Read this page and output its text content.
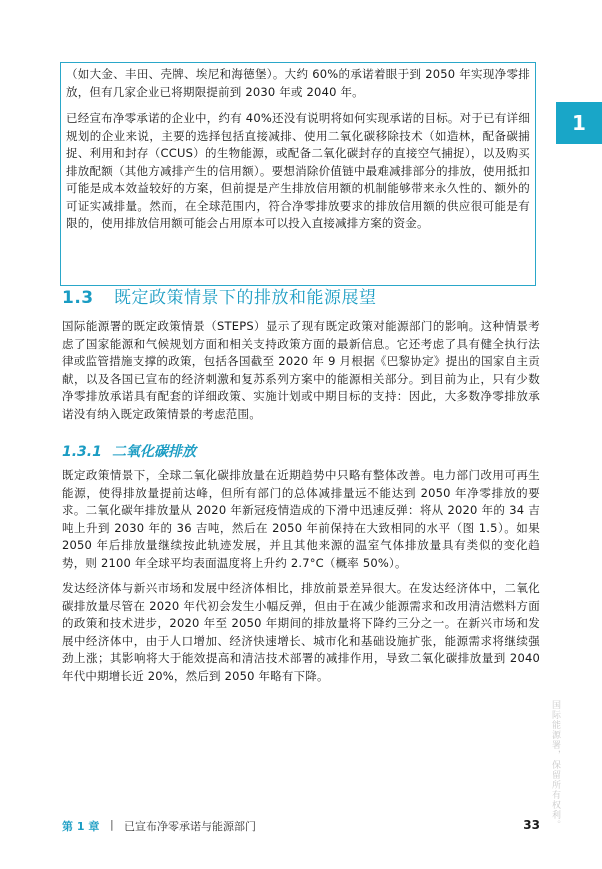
（如大金、丰田、壳牌、埃尼和海德堡）。大约 60%的承诺着眼于到 2050 年实现净零排放，但有几家企业已将期限提前到 2030 年或 2040 年。

已经宣布净零承诺的企业中，约有 40%还没有说明将如何实现承诺的目标。对于已有详细规划的企业来说，主要的选择包括直接减排、使用二氧化碳移除技术（如造林，配备碳捕捉、利用和封存（CCUS）的生物能源，或配备二氧化碳封存的直接空气捕捉），以及购买排放配额（其他方减排产生的信用额）。要想消除价值链中最难减排部分的排放，使用抵扣可能是成本效益较好的方案，但前提是产生排放信用额的机制能够带来永久性的、额外的可证实减排量。然而，在全球范围内，符合净零排放要求的排放信用额的供应很可能是有限的，使用排放信用额可能会占用原本可以投入直接减排方案的资金。

1
1.3 既定政策情景下的排放和能源展望

国际能源署的既定政策情景（STEPS）显示了现有既定政策对能源部门的影响。这种情景考虑了国家能源和气候规划方面和相关支持政策方面的最新信息。它还考虑了具有健全执行法律或监管措施支撑的政策，包括各国截至 2020 年 9 月根据《巴黎协定》提出的国家自主贡献，以及各国已宣布的经济刺激和复苏系列方案中的能源相关部分。到目前为止，只有少数净零排放承诺具有配套的详细政策、实施计划或中期目标的支持：因此，大多数净零排放承诺没有纳入既定政策情景的考虑范围。

1.3.1 二氧化碳排放

既定政策情景下，全球二氧化碳排放量在近期趋势中只略有整体改善。电力部门改用可再生能源，使得排放量提前达峰，但所有部门的总体减排量远不能达到 2050 年净零排放的要求。二氧化碳年排放量从 2020 年新冠疫情造成的下滑中迅速反弹：将从 2020 年的 34 吉吨上升到 2030 年的 36 吉吨，然后在 2050 年前保持在大致相同的水平（图 1.5）。如果 2050 年后排放量继续按此轨迹发展，并且其他来源的温室气体排放量具有类似的变化趋势，则 2100 年全球平均表面温度将上升约 2.7°C（概率 50%）。

发达经济体与新兴市场和发展中经济体相比，排放前景差异很大。在发达经济体中，二氧化碳排放量尽管在 2020 年代初会发生小幅反弹，但由于在减少能源需求和改用清洁燃料方面的政策和技术进步，2020 年至 2050 年期间的排放量将下降约三分之一。在新兴市场和发展中经济体中，由于人口增加、经济快速增长、城市化和基础设施扩张，能源需求将继续强劲上涨；其影响将大于能效提高和清洁技术部署的减排作用，导致二氧化碳排放量到 2040 年代中期增长近 20%，然后到 2050 年略有下降。

国际能源署，保留所有权利。
第 1 章 | 已宣布净零承诺与能源部门	33
